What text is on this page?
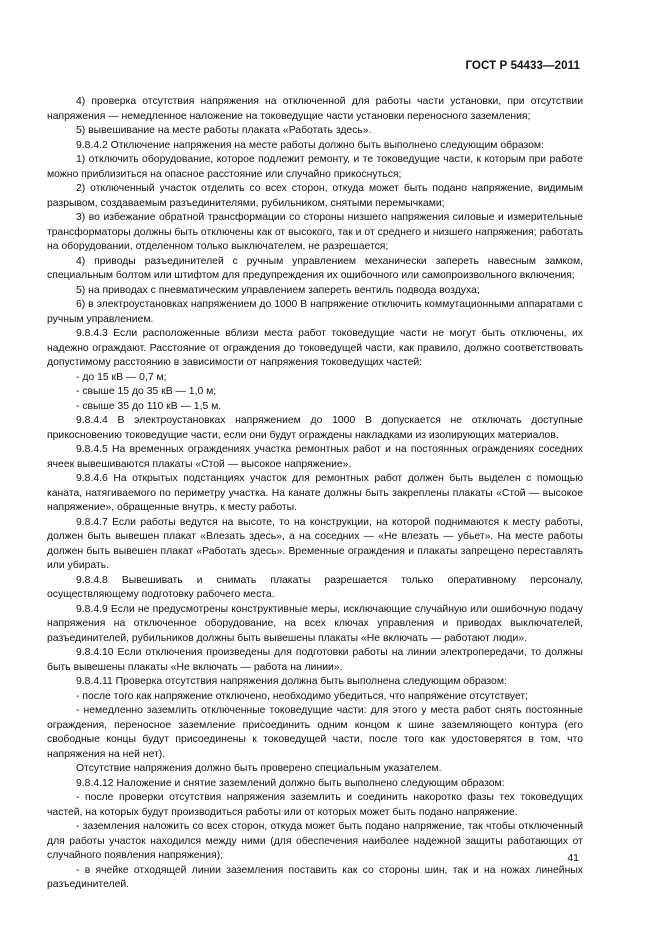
ГОСТ Р 54433—2011

4) проверка отсутствия напряжения на отключенной для работы части установки, при отсутствии напряжения — немедленное наложение на токоведущие части установки переносного заземления;

5) вывешивание на месте работы плаката «Работать здесь».

9.8.4.2 Отключение напряжения на месте работы должно быть выполнено следующим образом:

1) отключить оборудование, которое подлежит ремонту, и те токоведущие части, к которым при работе можно приблизиться на опасное расстояние или случайно прикоснуться;

2) отключенный участок отделить со всех сторон, откуда может быть подано напряжение, видимым разрывом, создаваемым разъединителями, рубильником, снятыми перемычками;

3) во избежание обратной трансформации со стороны низшего напряжения силовые и измерительные трансформаторы должны быть отключены как от высокого, так и от среднего и низшего напряжения; работать на оборудовании, отделенном только выключателем, не разрешается;

4) приводы разъединителей с ручным управлением механически запереть навесным замком, специальным болтом или штифтом для предупреждения их ошибочного или самопроизвольного включения;

5) на приводах с пневматическим управлением запереть вентиль подвода воздуха;

6) в электроустановках напряжением до 1000 В напряжение отключить коммутационными аппаратами с ручным управлением.

9.8.4.3 Если расположенные вблизи места работ токоведущие части не могут быть отключены, их надежно ограждают. Расстояние от ограждения до токоведущей части, как правило, должно соответствовать допустимому расстоянию в зависимости от напряжения токоведущих частей:

- до 15 кВ — 0,7 м;

- свыше 15 до 35 кВ — 1,0 м;

- свыше 35 до 110 кВ — 1,5 м.

9.8.4.4 В электроустановках напряжением до 1000 В допускается не отключать доступные прикосновению токоведущие части, если они будут ограждены накладками из изолирующих материалов.

9.8.4.5 На временных ограждениях участка ремонтных работ и на постоянных ограждениях соседних ячеек вывешиваются плакаты «Стой — высокое напряжение».

9.8.4.6 На открытых подстанциях участок для ремонтных работ должен быть выделен с помощью каната, натягиваемого по периметру участка. На канате должны быть закреплены плакаты «Стой — высокое напряжение», обращенные внутрь, к месту работы.

9.8.4.7 Если работы ведутся на высоте, то на конструкции, на которой поднимаются к месту работы, должен быть вывешен плакат «Влезать здесь», а на соседних — «Не влезать — убьет». На месте работы должен быть вывешен плакат «Работать здесь». Временные ограждения и плакаты запрещено переставлять или убирать.

9.8.4.8 Вывешивать и снимать плакаты разрешается только оперативному персоналу, осуществляющему подготовку рабочего места.

9.8.4.9 Если не предусмотрены конструктивные меры, исключающие случайную или ошибочную подачу напряжения на отключенное оборудование, на всех ключах управления и приводах выключателей, разъединителей, рубильников должны быть вывешены плакаты «Не включать — работают люди».

9.8.4.10 Если отключения произведены для подготовки работы на линии электропередачи, то должны быть вывешены плакаты «Не включать — работа на линии».

9.8.4.11 Проверка отсутствия напряжения должна быть выполнена следующим образом:

- после того как напряжение отключено, необходимо убедиться, что напряжение отсутствует;

- немедленно заземлить отключенные токоведущие части: для этого у места работ снять постоянные ограждения, переносное заземление присоединить одним концом к шине заземляющего контура (его свободные концы будут присоединены к токоведущей части, после того как удостоверятся в том, что напряжения на ней нет).

Отсутствие напряжения должно быть проверено специальным указателем.

9.8.4.12 Наложение и снятие заземлений должно быть выполнено следующим образом:

- после проверки отсутствия напряжения заземлить и соединить накоротко фазы тех токоведущих частей, на которых будут производиться работы или от которых может быть подано напряжение.

- заземления наложить со всех сторон, откуда может быть подано напряжение, так чтобы отключенный для работы участок находился между ними (для обеспечения наиболее надежной защиты работающих от случайного появления напряжения);

- в ячейке отходящей линии заземления поставить как со стороны шин, так и на ножах линейных разъединителей.

41
